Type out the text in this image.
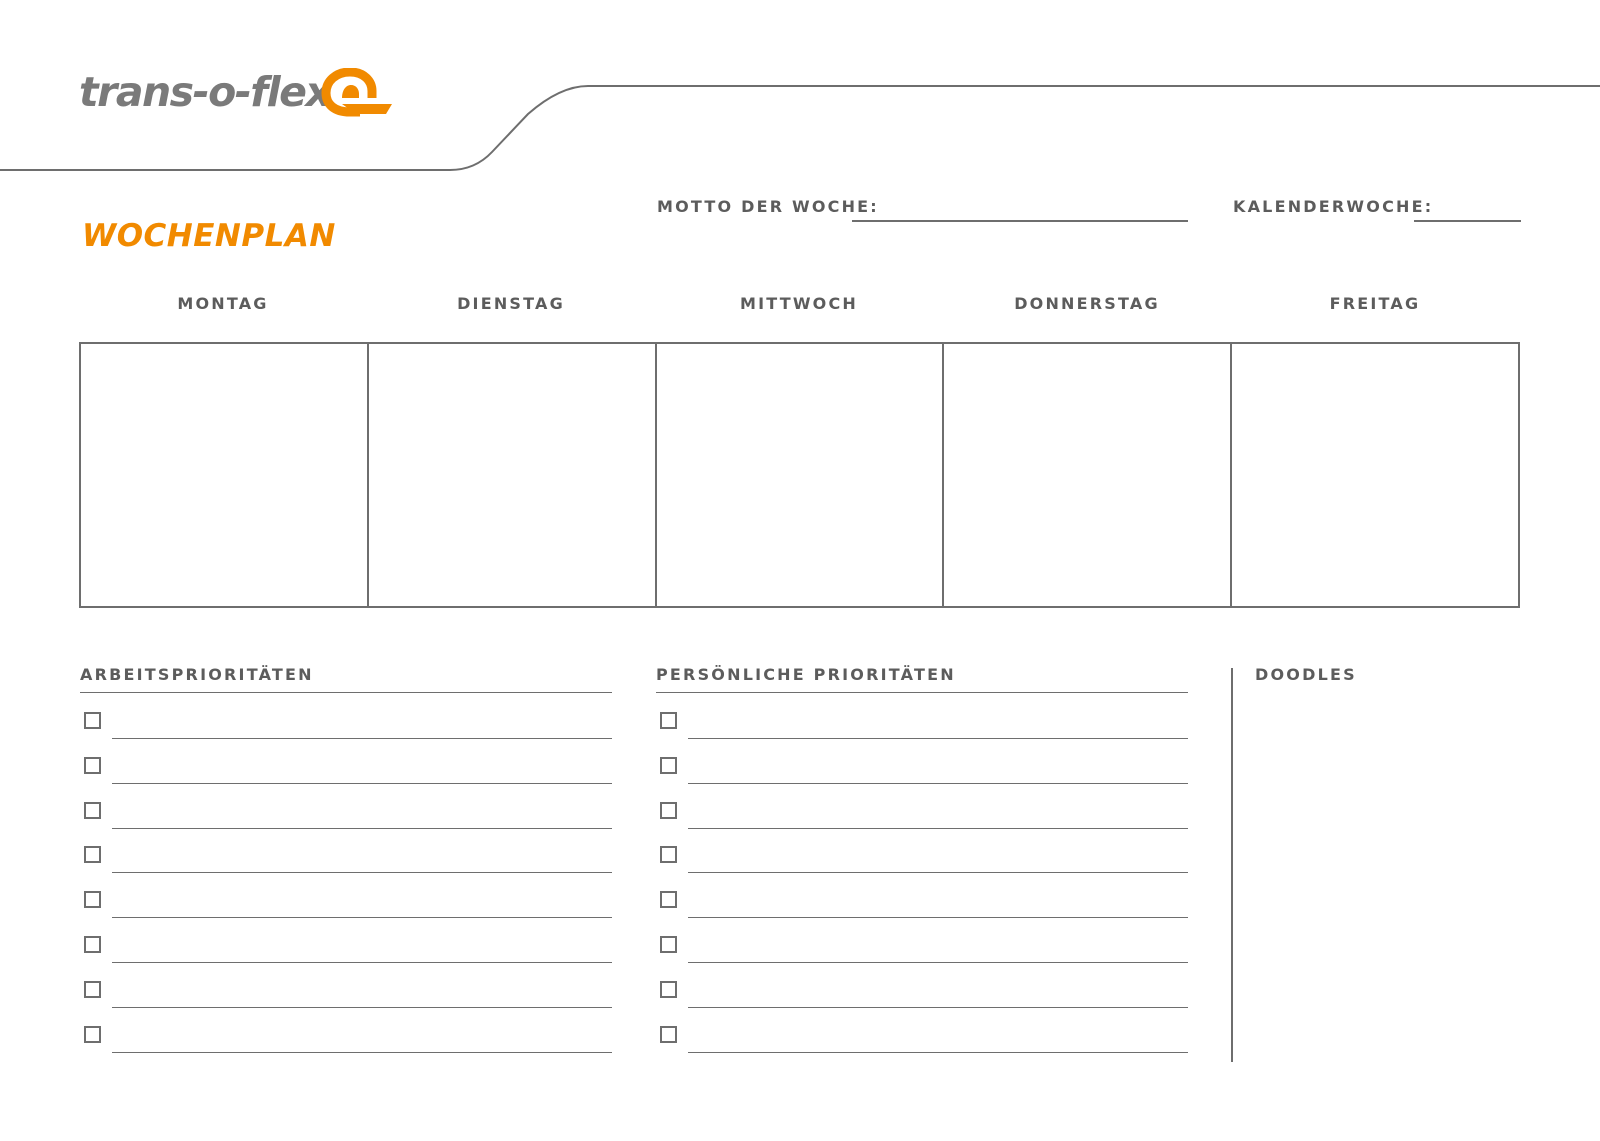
trans-o-flex
WOCHENPLAN
MOTTO DER WOCHE:	KALENDERWOCHE:
MONTAG	DIENSTAG	MITTWOCH	DONNERSTAG	FREITAG
ARBEITSPRIORITÄTEN	PERSÖNLICHE PRIORITÄTEN	DOODLES
